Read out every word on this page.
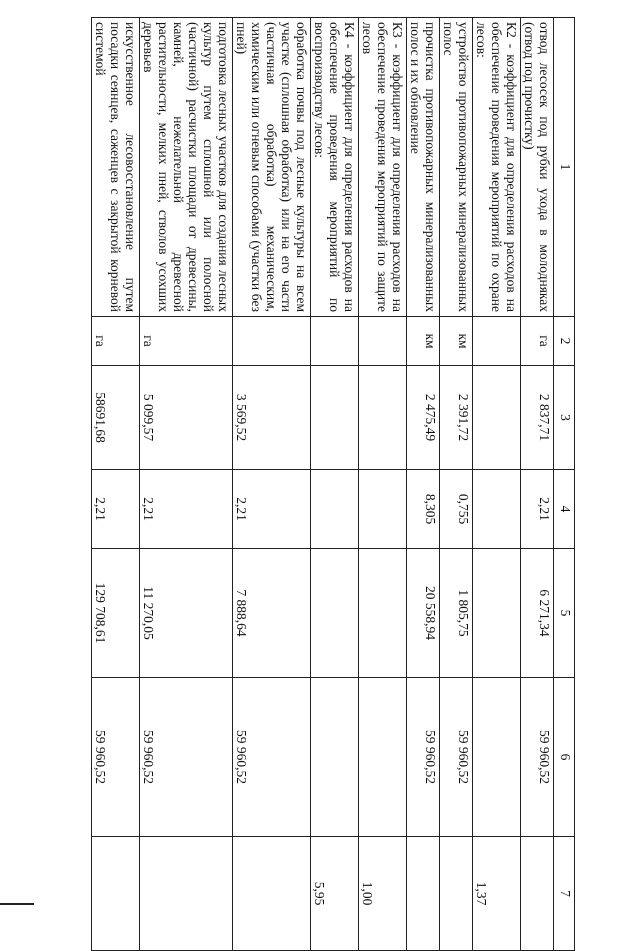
1	2	3	4	5	6	7
отвод лесосек под рубки ухода в молодняках (отвод под прочистку)	га	2 837,71	2,21	6 271,34	59 960,52	
К2 - коэффициент для определения расходов на обеспечение проведения мероприятий по охране лесов:						1,37
устройство противопожарных минерализованных полос	км	2 391,72	0,755	1 805,75	59 960,52	
прочистка противопожарных минерализованных полос и их обновление	км	2 475,49	8,305	20 558,94	59 960,52	
К3 - коэффициент для определения расходов на обеспечение проведения мероприятий по защите лесов						1,00
К4 - коэффициент для определения расходов на обеспечение проведения мероприятий по воспроизводству лесов:						5,95
обработка почвы под лесные культуры на всем участке (сплошная обработка) или на его части (частичная обработка) механическим, химическим или огневым способами (участки без пней)		3 569,52	2,21	7 888,64	59 960,52	
подготовка лесных участков для создания лесных культур путем сплошной или полосной (частичной) расчистки площади от древесины, камней, нежелательной древесной растительности, мелких пней, стволов усохших деревьев	га	5 099,57	2,21	11 270,05	59 960,52	
искусственное лесовосстановление путем посадки сеянцев, саженцев с закрытой корневой системой	га	58691,68	2,21	129 708,61	59 960,52	
